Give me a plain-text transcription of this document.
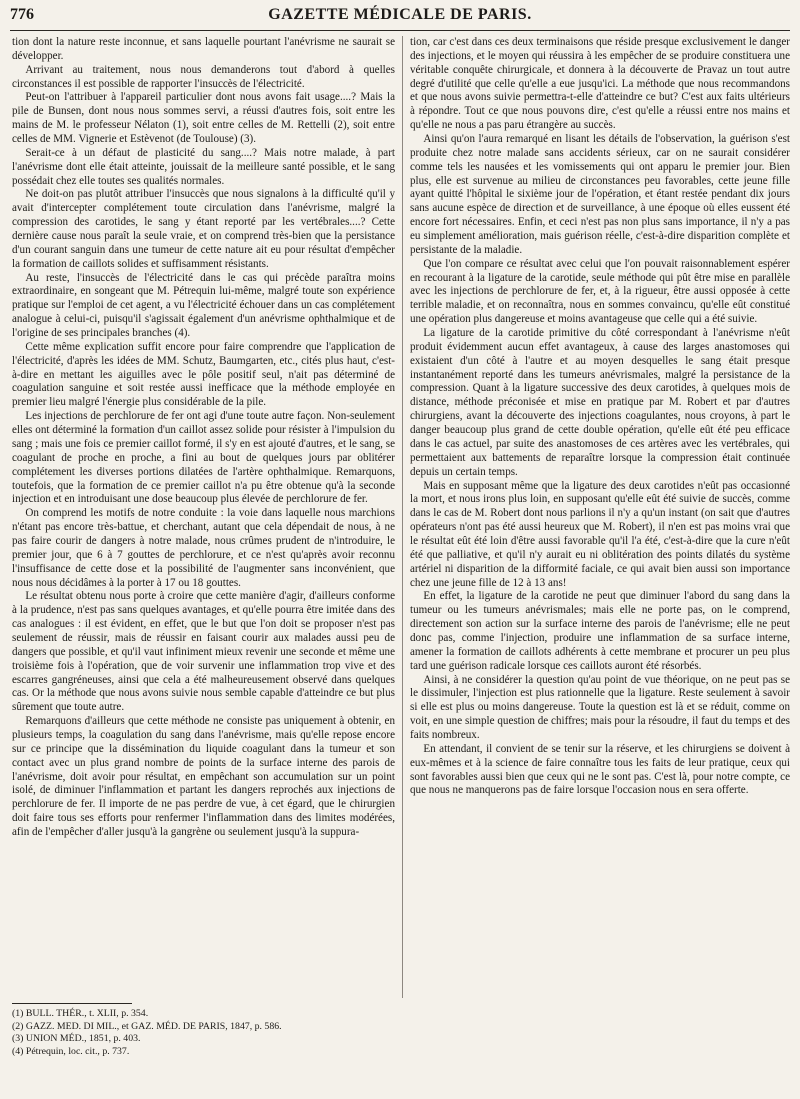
776	GAZETTE MÉDICALE DE PARIS.

tion dont la nature reste inconnue, et sans laquelle pourtant l'anévrisme ne saurait se développer.

Arrivant au traitement, nous nous demanderons tout d'abord à quelles circonstances il est possible de rapporter l'insuccès de l'électricité.

Peut-on l'attribuer à l'appareil particulier dont nous avons fait usage....? Mais la pile de Bunsen, dont nous nous sommes servi, a réussi d'autres fois, soit entre les mains de M. le professeur Nélaton (1), soit entre celles de M. Rettelli (2), soit entre celles de MM. Vignerie et Estèvenot (de Toulouse) (3).

Serait-ce à un défaut de plasticité du sang....? Mais notre malade, à part l'anévrisme dont elle était atteinte, jouissait de la meilleure santé possible, et le sang possédait chez elle toutes ses qualités normales.

Ne doit-on pas plutôt attribuer l'insuccès que nous signalons à la difficulté qu'il y avait d'intercepter complétement toute circulation dans l'anévrisme, malgré la compression des carotides, le sang y étant reporté par les vertébrales....? Cette dernière cause nous paraît la seule vraie, et on comprend très-bien que la persistance d'un courant sanguin dans une tumeur de cette nature ait eu pour résultat d'empêcher la formation de caillots solides et suffisamment résistants.

Au reste, l'insuccès de l'électricité dans le cas qui précède paraîtra moins extraordinaire, en songeant que M. Pétrequin lui-même, malgré toute son expérience pratique sur l'emploi de cet agent, a vu l'électricité échouer dans un cas complétement analogue à celui-ci, puisqu'il s'agissait également d'un anévrisme ophthalmique et de l'origine de ses principales branches (4).

Cette même explication suffit encore pour faire comprendre que l'application de l'électricité, d'après les idées de MM. Schutz, Baumgarten, etc., cités plus haut, c'est-à-dire en mettant les aiguilles avec le pôle positif seul, n'ait pas déterminé de coagulation sanguine et soit restée aussi inefficace que la méthode employée en premier lieu malgré l'énergie plus considérable de la pile.

Les injections de perchlorure de fer ont agi d'une toute autre façon. Non-seulement elles ont déterminé la formation d'un caillot assez solide pour résister à l'impulsion du sang ; mais une fois ce premier caillot formé, il s'y en est ajouté d'autres, et le sang, se coagulant de proche en proche, a fini au bout de quelques jours par oblitérer complétement les diverses portions dilatées de l'artère ophthalmique. Remarquons, toutefois, que la formation de ce premier caillot n'a pu être obtenue qu'à la seconde injection et en introduisant une dose beaucoup plus élevée de perchlorure de fer.

On comprend les motifs de notre conduite : la voie dans laquelle nous marchions n'étant pas encore très-battue, et cherchant, autant que cela dépendait de nous, à ne pas faire courir de dangers à notre malade, nous crûmes prudent de n'introduire, le premier jour, que 6 à 7 gouttes de perchlorure, et ce n'est qu'après avoir reconnu l'insuffisance de cette dose et la possibilité de l'augmenter sans inconvénient, que nous nous décidâmes à la porter à 17 ou 18 gouttes.

Le résultat obtenu nous porte à croire que cette manière d'agir, d'ailleurs conforme à la prudence, n'est pas sans quelques avantages, et qu'elle pourra être imitée dans des cas analogues : il est évident, en effet, que le but que l'on doit se proposer n'est pas seulement de réussir, mais de réussir en faisant courir aux malades aussi peu de dangers que possible, et qu'il vaut infiniment mieux revenir une seconde et même une troisième fois à l'opération, que de voir survenir une inflammation trop vive et des escarres gangréneuses, ainsi que cela a été malheureusement observé dans quelques cas. Or la méthode que nous avons suivie nous semble capable d'atteindre ce but plus sûrement que toute autre.

Remarquons d'ailleurs que cette méthode ne consiste pas uniquement à obtenir, en plusieurs temps, la coagulation du sang dans l'anévrisme, mais qu'elle repose encore sur ce principe que la dissémination du liquide coagulant dans la tumeur et son contact avec un plus grand nombre de points de la surface interne des parois de l'anévrisme, doit avoir pour résultat, en empêchant son accumulation sur un point isolé, de diminuer l'inflammation et partant les dangers reprochés aux injections de perchlorure de fer. Il importe de ne pas perdre de vue, à cet égard, que le chirurgien doit faire tous ses efforts pour renfermer l'inflammation dans des limites modérées, afin de l'empêcher d'aller jusqu'à la gangrène ou seulement jusqu'à la suppura-

tion, car c'est dans ces deux terminaisons que réside presque exclusivement le danger des injections, et le moyen qui réussira à les empêcher de se produire constituera une véritable conquête chirurgicale, et donnera à la découverte de Pravaz un tout autre degré d'utilité que celle qu'elle a eue jusqu'ici. La méthode que nous recommandons et que nous avons suivie permettra-t-elle d'atteindre ce but? C'est aux faits ultérieurs à répondre. Tout ce que nous pouvons dire, c'est qu'elle a réussi entre nos mains et qu'elle ne nous a pas paru étrangère au succès.

Ainsi qu'on l'aura remarqué en lisant les détails de l'observation, la guérison s'est produite chez notre malade sans accidents sérieux, car on ne saurait considérer comme tels les nausées et les vomissements qui ont apparu le premier jour. Bien plus, elle est survenue au milieu de circonstances peu favorables, cette jeune fille ayant quitté l'hôpital le sixième jour de l'opération, et étant restée pendant dix jours sans aucune espèce de direction et de surveillance, à une époque où elles eussent été encore fort nécessaires. Enfin, et ceci n'est pas non plus sans importance, il n'y a pas eu simplement amélioration, mais guérison réelle, c'est-à-dire disparition complète et persistante de la maladie.

Que l'on compare ce résultat avec celui que l'on pouvait raisonnablement espérer en recourant à la ligature de la carotide, seule méthode qui pût être mise en parallèle avec les injections de perchlorure de fer, et, à la rigueur, être aussi opposée à cette terrible maladie, et on reconnaîtra, nous en sommes convaincu, qu'elle eût constitué une opération plus dangereuse et moins avantageuse que celle qui a été suivie.

La ligature de la carotide primitive du côté correspondant à l'anévrisme n'eût produit évidemment aucun effet avantageux, à cause des larges anastomoses qui existaient d'un côté à l'autre et au moyen desquelles le sang était presque instantanément reporté dans les tumeurs anévrismales, malgré la persistance de la compression. Quant à la ligature successive des deux carotides, à quelques mois de distance, méthode préconisée et mise en pratique par M. Robert et par d'autres chirurgiens, avant la découverte des injections coagulantes, nous croyons, à part le danger beaucoup plus grand de cette double opération, qu'elle eût été peu efficace dans le cas actuel, par suite des anastomoses de ces artères avec les vertébrales, qui permettaient aux battements de reparaître lorsque la compression était continuée depuis un certain temps.

Mais en supposant même que la ligature des deux carotides n'eût pas occasionné la mort, et nous irons plus loin, en supposant qu'elle eût été suivie de succès, comme dans le cas de M. Robert dont nous parlions il n'y a qu'un instant (on sait que d'autres opérateurs n'ont pas été aussi heureux que M. Robert), il n'en est pas moins vrai que le résultat eût été loin d'être aussi favorable qu'il l'a été, c'est-à-dire que la cure n'eût été que palliative, et qu'il n'y aurait eu ni oblitération des points dilatés du système artériel ni disparition de la difformité faciale, ce qui avait bien aussi son importance chez une jeune fille de 12 à 13 ans!

En effet, la ligature de la carotide ne peut que diminuer l'abord du sang dans la tumeur ou les tumeurs anévrismales; mais elle ne porte pas, on le comprend, directement son action sur la surface interne des parois de l'anévrisme; elle ne peut donc pas, comme l'injection, produire une inflammation de sa surface interne, amener la formation de caillots adhérents à cette membrane et procurer un peu plus tard une guérison radicale lorsque ces caillots auront été résorbés.

Ainsi, à ne considérer la question qu'au point de vue théorique, on ne peut pas se le dissimuler, l'injection est plus rationnelle que la ligature. Reste seulement à savoir si elle est plus ou moins dangereuse. Toute la question est là et se réduit, comme on voit, en une simple question de chiffres; mais pour la résoudre, il faut du temps et des faits nombreux.

En attendant, il convient de se tenir sur la réserve, et les chirurgiens se doivent à eux-mêmes et à la science de faire connaître tous les faits de leur pratique, ceux qui sont favorables aussi bien que ceux qui ne le sont pas. C'est là, pour notre compte, ce que nous ne manquerons pas de faire lorsque l'occasion nous en sera offerte.

(1) BULL. THÉR., t. XLII, p. 354.

(2) GAZZ. MED. DI MIL., et GAZ. MÉD. DE PARIS, 1847, p. 586.

(3) UNION MÉD., 1851, p. 403.

(4) Pétrequin, loc. cit., p. 737.
